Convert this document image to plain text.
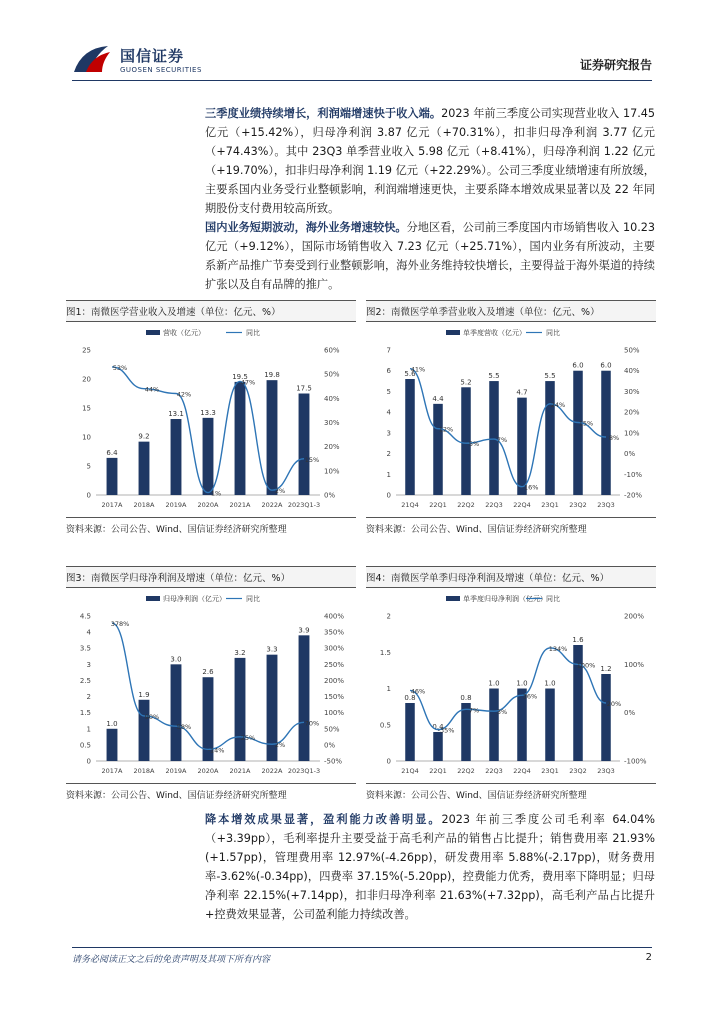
国信证券
GUOSEN SECURITIES	证券研究报告
三季度业绩持续增长，利润端增速快于收入端。2023 年前三季度公司实现营业收入 17.45 亿元（+15.42%），归母净利润 3.87 亿元（+70.31%），扣非归母净利润 3.77 亿元（+74.43%）。其中 23Q3 单季营业收入 5.98 亿元（+8.41%），归母净利润 1.22 亿元（+19.70%），扣非归母净利润 1.19 亿元（+22.29%）。公司三季度业绩增速有所放缓，主要系国内业务受行业整顿影响，利润端增速更快，主要系降本增效成果显著以及 22 年同期股份支付费用较高所致。
国内业务短期波动，海外业务增速较快。分地区看，公司前三季度国内市场销售收入 10.23 亿元（+9.12%），国际市场销售收入 7.23 亿元（+25.71%），国内业务有所波动，主要系新产品推广节奏受到行业整顿影响，海外业务维持较快增长，主要得益于海外渠道的持续扩张以及自有品牌的推广。
图1：南微医学营业收入及增速（单位：亿元、%）
营收（亿元）	同比
0
5
10
15
20
25
0%
10%
20%
30%
40%
50%
60%
6.4
2017A
9.2
2018A
13.1
2019A
13.3
2020A
19.5
2021A
19.8
2022A
17.5
2023Q1-3
53%
44%
42%
1%
47%
2%
15%
资料来源：公司公告、Wind、国信证券经济研究所整理
图2：南微医学单季营业收入及增速（单位：亿元、%）
单季度营收（亿元）	同比
0
1
2
3
4
5
6
7
-20%
-10%
0%
10%
20%
30%
40%
50%
5.6
21Q4
4.4
22Q1
5.2
22Q2
5.5
22Q3
4.7
22Q4
5.5
23Q1
6.0
23Q2
6.0
23Q3
41%
12%
5%
7%
-16%
24%
15%
8%
资料来源：公司公告、Wind、国信证券经济研究所整理
图3：南微医学归母净利润及增速（单位：亿元、%）
归母净利润（亿元）	同比
0
0.5
1
1.5
2
2.5
3
3.5
4
4.5
-50%
0%
50%
100%
150%
200%
250%
300%
350%
400%
1.0
2017A
1.9
2018A
3.0
2019A
2.6
2020A
3.2
2021A
3.3
2022A
3.9
2023Q1-3
378%
90%
58%
-14%
25%
2%
70%
资料来源：公司公告、Wind、国信证券经济研究所整理
图4：南微医学单季归母净利润及增速（单位：亿元、%）
单季度归母净利润（亿元） 同比
0
0.5
1
1.5
2
-100%
0%
100%
200%
0.8
21Q4
0.4
22Q1
0.8
22Q2
1.0
22Q3
1.0
22Q4
1.0
23Q1
1.6
23Q2
1.2
23Q3
46%
-35%
7%	3%
36%
134%
100%
20%
资料来源：公司公告、Wind、国信证券经济研究所整理
降本增效成果显著，盈利能力改善明显。2023 年前三季度公司毛利率 64.04%（+3.39pp），毛利率提升主要受益于高毛利产品的销售占比提升；销售费用率 21.93%(+1.57pp)，管理费用率 12.97%(-4.26pp)，研发费用率 5.88%(-2.17pp)，财务费用率-3.62%(-0.34pp)，四费率 37.15%(-5.20pp)，控费能力优秀，费用率下降明显；归母净利率 22.15%(+7.14pp)，扣非归母净利率 21.63%(+7.32pp)，高毛利产品占比提升+控费效果显著，公司盈利能力持续改善。
请务必阅读正文之后的免责声明及其项下所有内容	2
